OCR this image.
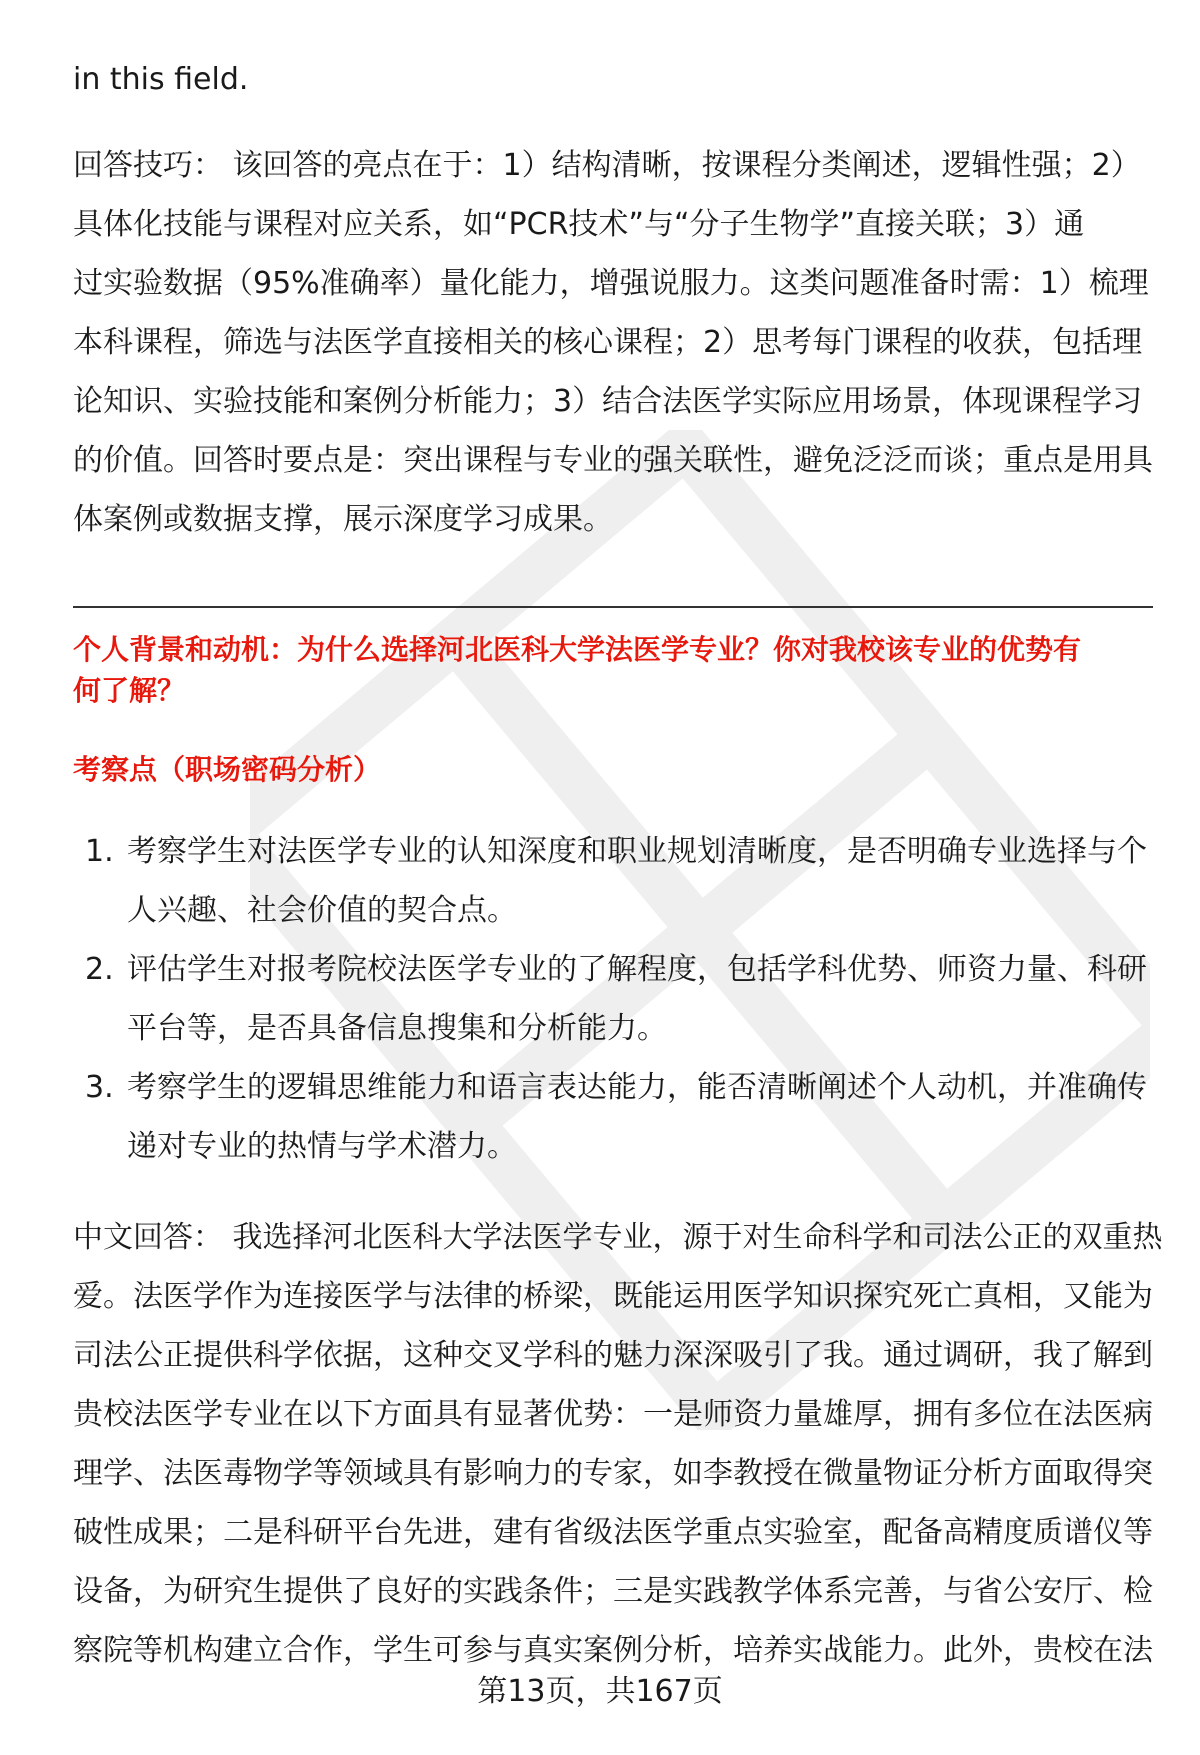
in this field.
回答技巧： 该回答的亮点在于：1）结构清晰，按课程分类阐述，逻辑性强；2）
具体化技能与课程对应关系，如“PCR技术”与“分子生物学”直接关联；3）通
过实验数据（95%准确率）量化能力，增强说服力。这类问题准备时需：1）梳理
本科课程，筛选与法医学直接相关的核心课程；2）思考每门课程的收获，包括理
论知识、实验技能和案例分析能力；3）结合法医学实际应用场景，体现课程学习
的价值。回答时要点是：突出课程与专业的强关联性，避免泛泛而谈；重点是用具
体案例或数据支撑，展示深度学习成果。
个人背景和动机：为什么选择河北医科大学法医学专业？你对我校该专业的优势有
何了解？
考察点（职场密码分析）
1. 考察学生对法医学专业的认知深度和职业规划清晰度，是否明确专业选择与个
人兴趣、社会价值的契合点。
2. 评估学生对报考院校法医学专业的了解程度，包括学科优势、师资力量、科研
平台等，是否具备信息搜集和分析能力。
3. 考察学生的逻辑思维能力和语言表达能力，能否清晰阐述个人动机，并准确传
递对专业的热情与学术潜力。
中文回答： 我选择河北医科大学法医学专业，源于对生命科学和司法公正的双重热
爱。法医学作为连接医学与法律的桥梁，既能运用医学知识探究死亡真相，又能为
司法公正提供科学依据，这种交叉学科的魅力深深吸引了我。通过调研，我了解到
贵校法医学专业在以下方面具有显著优势：一是师资力量雄厚，拥有多位在法医病
理学、法医毒物学等领域具有影响力的专家，如李教授在微量物证分析方面取得突
破性成果；二是科研平台先进，建有省级法医学重点实验室，配备高精度质谱仪等
设备，为研究生提供了良好的实践条件；三是实践教学体系完善，与省公安厅、检
察院等机构建立合作，学生可参与真实案例分析，培养实战能力。此外，贵校在法
第13页，共167页
